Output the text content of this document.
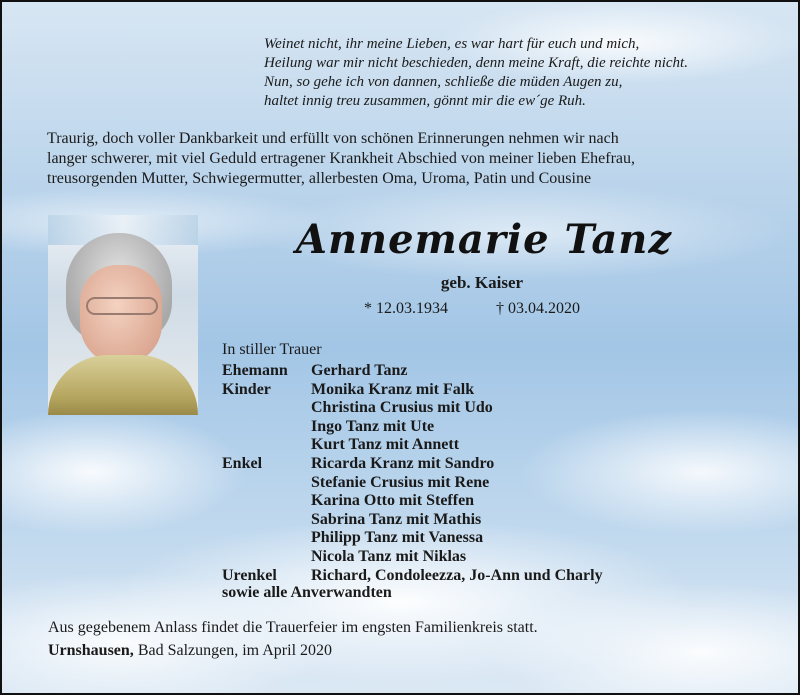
Weinet nicht, ihr meine Lieben, es war hart für euch und mich,
Heilung war mir nicht beschieden, denn meine Kraft, die reichte nicht.
Nun, so gehe ich von dannen, schließe die müden Augen zu,
haltet innig treu zusammen, gönnt mir die ew´ge Ruh.
Traurig, doch voller Dankbarkeit und erfüllt von schönen Erinnerungen nehmen wir nach
langer schwerer, mit viel Geduld ertragener Krankheit Abschied von meiner lieben Ehefrau,
treusorgenden Mutter, Schwiegermutter, allerbesten Oma, Uroma, Patin und Cousine
Annemarie Tanz
geb. Kaiser
* 12.03.1934	† 03.04.2020
In stiller Trauer
Ehemann Gerhard Tanz
Kinder	Monika Kranz mit Falk
Christina Crusius mit Udo
Ingo Tanz mit Ute
Kurt Tanz mit Annett
Enkel	Ricarda Kranz mit Sandro
Stefanie Crusius mit Rene
Karina Otto mit Steffen
Sabrina Tanz mit Mathis
Philipp Tanz mit Vanessa
Nicola Tanz mit Niklas
Urenkel Richard, Condoleezza, Jo-Ann und Charly
sowie alle Anverwandten
Aus gegebenem Anlass findet die Trauerfeier im engsten Familienkreis statt.
Urnshausen, Bad Salzungen, im April 2020
